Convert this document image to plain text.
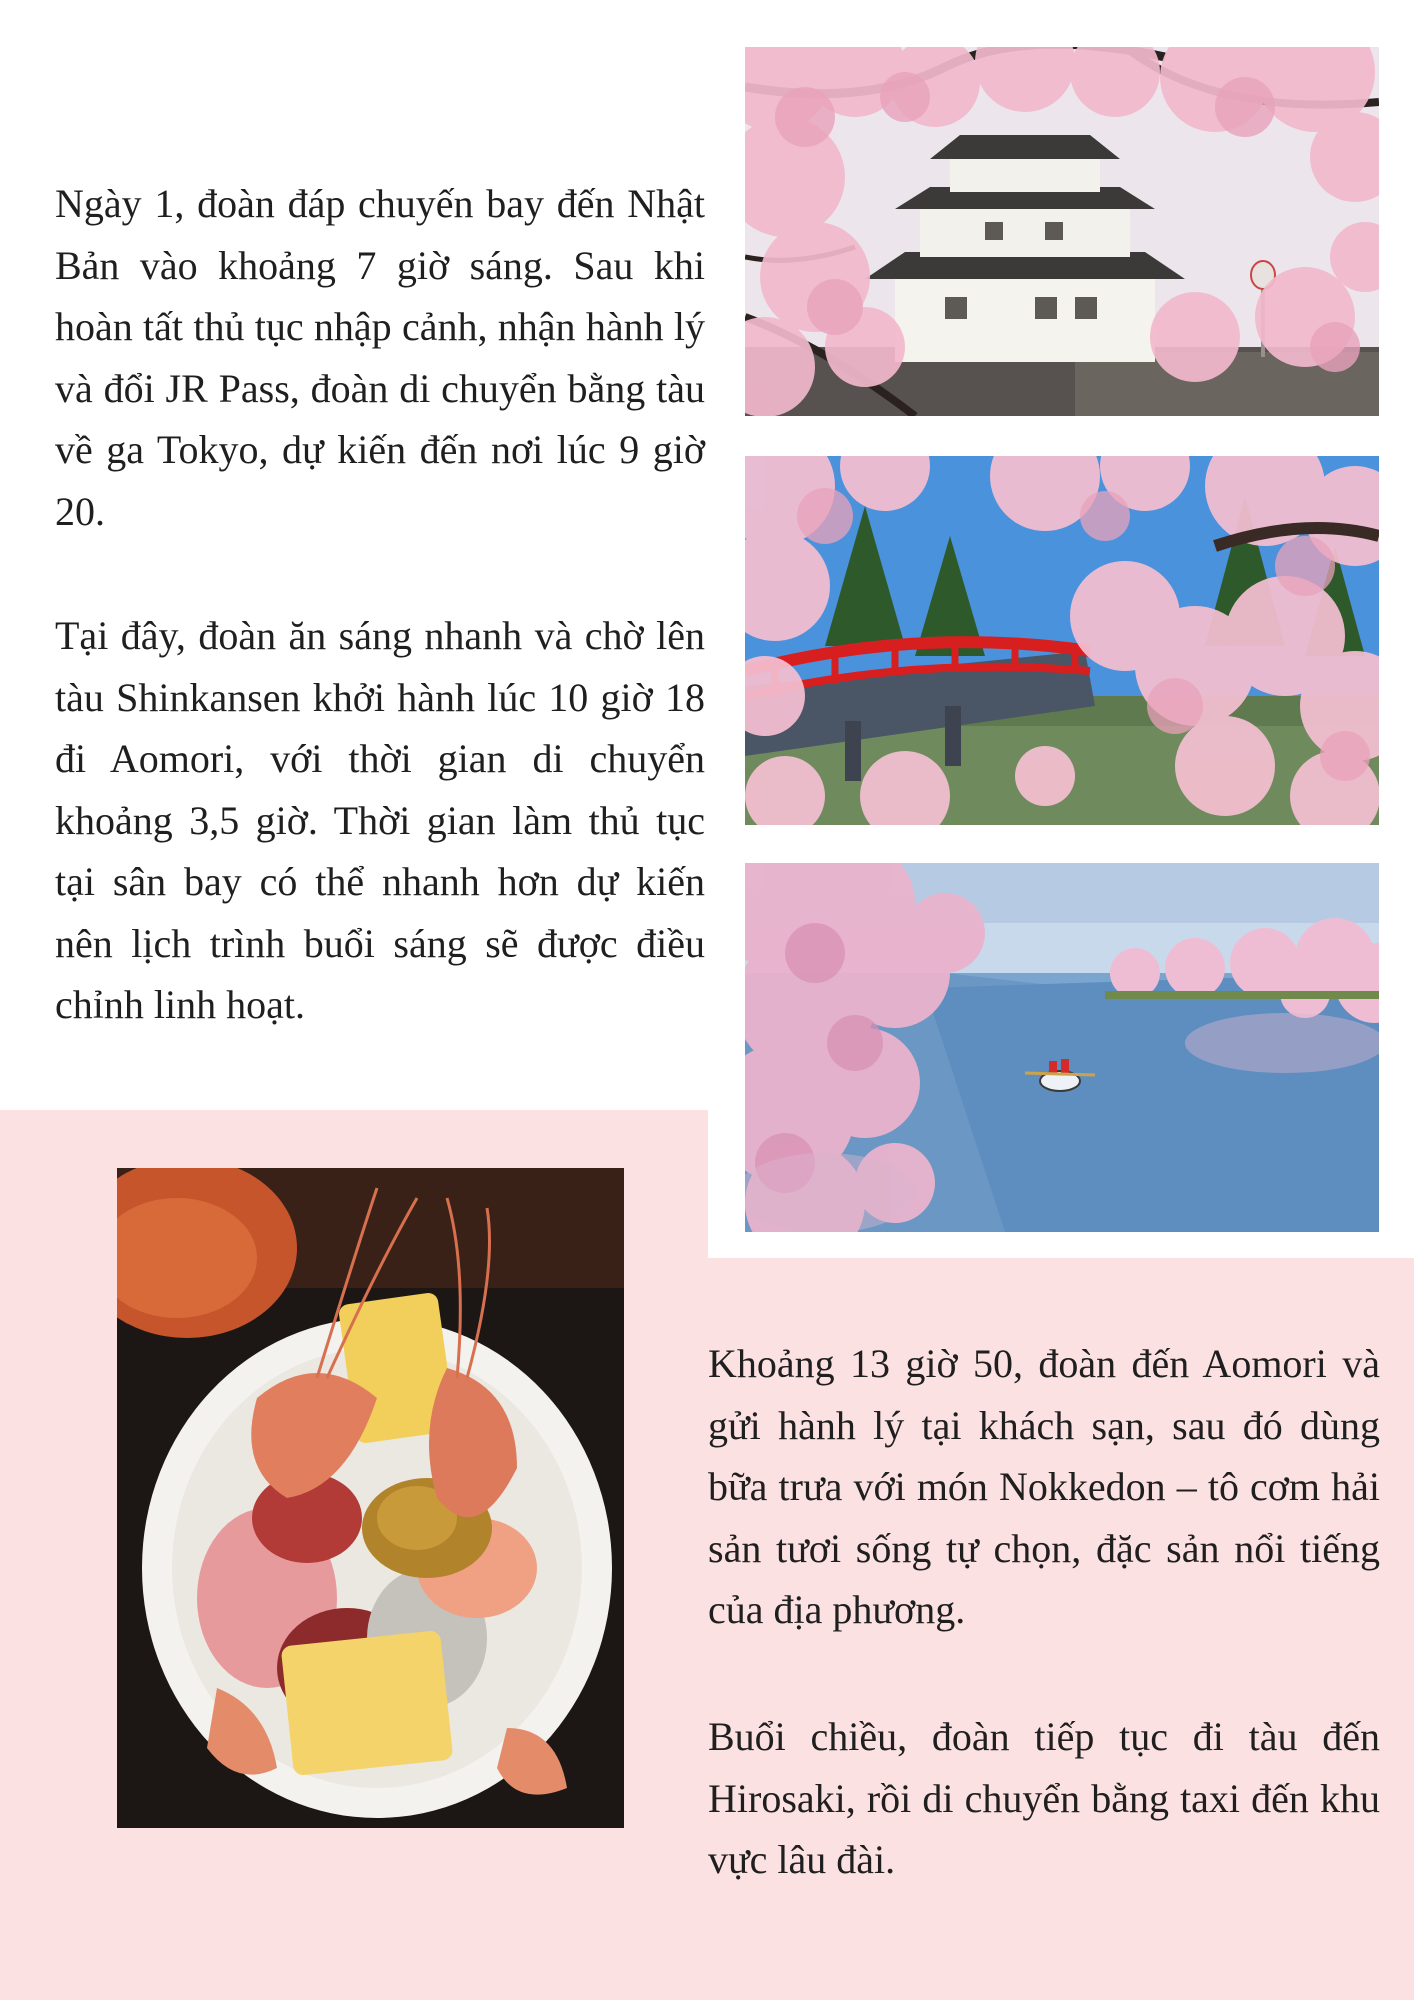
Ngày 1, đoàn đáp chuyến bay đến Nhật Bản vào khoảng 7 giờ sáng. Sau khi hoàn tất thủ tục nhập cảnh, nhận hành lý và đổi JR Pass, đoàn di chuyển bằng tàu về ga Tokyo, dự kiến đến nơi lúc 9 giờ 20.

Tại đây, đoàn ăn sáng nhanh và chờ lên tàu Shinkansen khởi hành lúc 10 giờ 18 đi Aomori, với thời gian di chuyển khoảng 3,5 giờ. Thời gian làm thủ tục tại sân bay có thể nhanh hơn dự kiến nên lịch trình buổi sáng sẽ được điều chỉnh linh hoạt.

Khoảng 13 giờ 50, đoàn đến Aomori và gửi hành lý tại khách sạn, sau đó dùng bữa trưa với món Nokkedon – tô cơm hải sản tươi sống tự chọn, đặc sản nổi tiếng của địa phương.

Buổi chiều, đoàn tiếp tục đi tàu đến Hirosaki, rồi di chuyển bằng taxi đến khu vực lâu đài.
